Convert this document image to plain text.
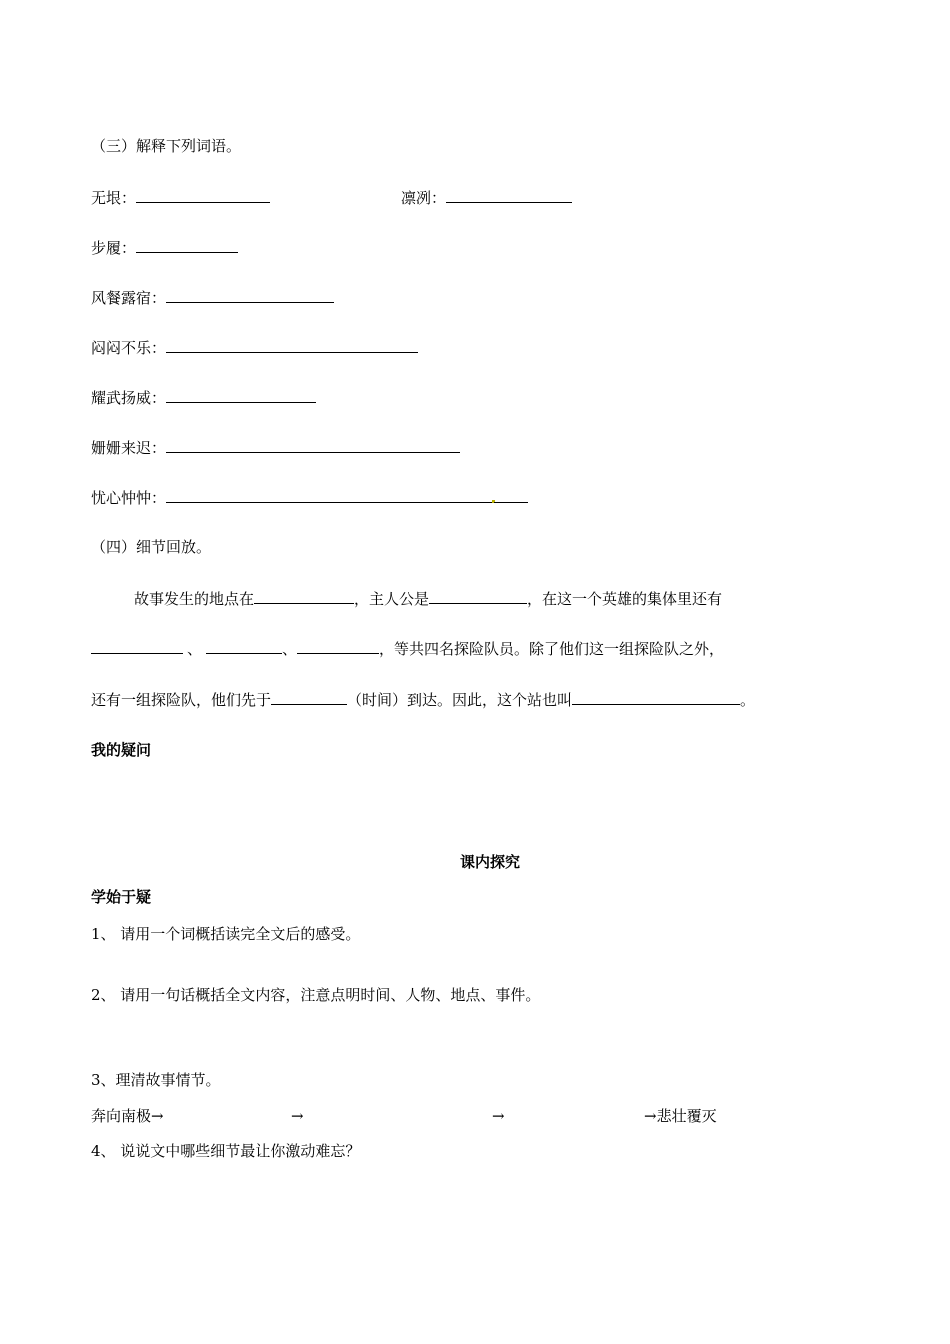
（三）解释下列词语。
无垠：	凛冽：
步履：
风餐露宿：
闷闷不乐：
耀武扬威：
姗姗来迟：
忧心忡忡：
（四）细节回放。
故事发生的地点在	，主人公是	，在这一个英雄的集体里还有
、	、	，等共四名探险队员。除了他们这一组探险队之外，
还有一组探险队，他们先于	（时间）到达。因此，这个站也叫	。
我的疑问
课内探究
学始于疑
1、 请用一个词概括读完全文后的感受。
2、 请用一句话概括全文内容，注意点明时间、人物、地点、事件。
3、理清故事情节。
奔向南极→	→	→	→悲壮覆灭
4、 说说文中哪些细节最让你激动难忘？
